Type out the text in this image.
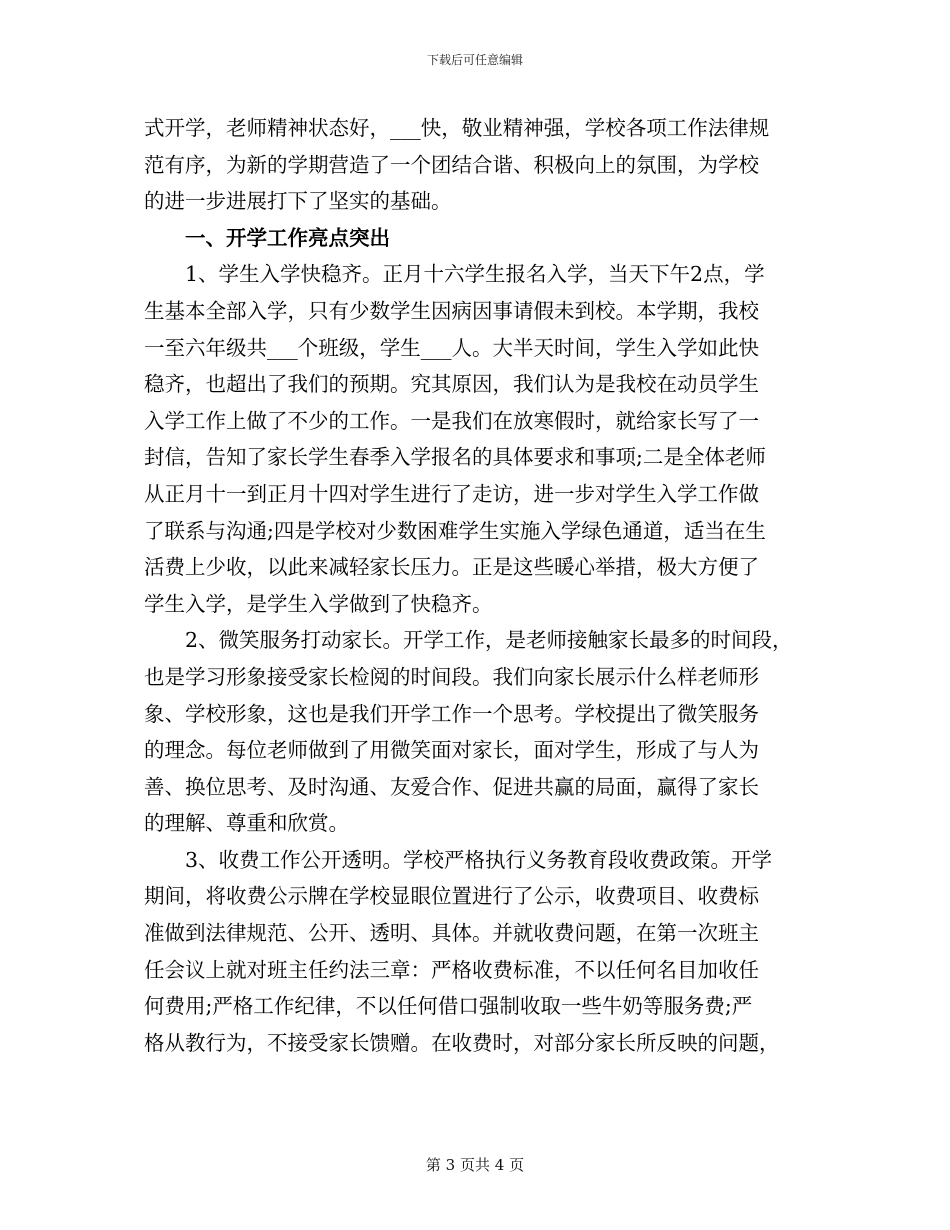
下载后可任意编辑
式开学，老师精神状态好，___快，敬业精神强，学校各项工作法律规
范有序，为新的学期营造了一个团结合谐、积极向上的氛围，为学校
的进一步进展打下了坚实的基础。
一、开学工作亮点突出
1、学生入学快稳齐。正月十六学生报名入学，当天下午2点，学
生基本全部入学，只有少数学生因病因事请假未到校。本学期，我校
一至六年级共___个班级，学生___人。大半天时间，学生入学如此快
稳齐，也超出了我们的预期。究其原因，我们认为是我校在动员学生
入学工作上做了不少的工作。一是我们在放寒假时，就给家长写了一
封信，告知了家长学生春季入学报名的具体要求和事项;二是全体老师
从正月十一到正月十四对学生进行了走访，进一步对学生入学工作做
了联系与沟通;四是学校对少数困难学生实施入学绿色通道，适当在生
活费上少收，以此来减轻家长压力。正是这些暖心举措，极大方便了
学生入学，是学生入学做到了快稳齐。
2、微笑服务打动家长。开学工作，是老师接触家长最多的时间段，
也是学习形象接受家长检阅的时间段。我们向家长展示什么样老师形
象、学校形象，这也是我们开学工作一个思考。学校提出了微笑服务
的理念。每位老师做到了用微笑面对家长，面对学生，形成了与人为
善、换位思考、及时沟通、友爱合作、促进共赢的局面，赢得了家长
的理解、尊重和欣赏。
3、收费工作公开透明。学校严格执行义务教育段收费政策。开学
期间，将收费公示牌在学校显眼位置进行了公示，收费项目、收费标
准做到法律规范、公开、透明、具体。并就收费问题，在第一次班主
任会议上就对班主任约法三章：严格收费标准，不以任何名目加收任
何费用;严格工作纪律，不以任何借口强制收取一些牛奶等服务费;严
格从教行为，不接受家长馈赠。在收费时，对部分家长所反映的问题，
第 3 页共 4 页
